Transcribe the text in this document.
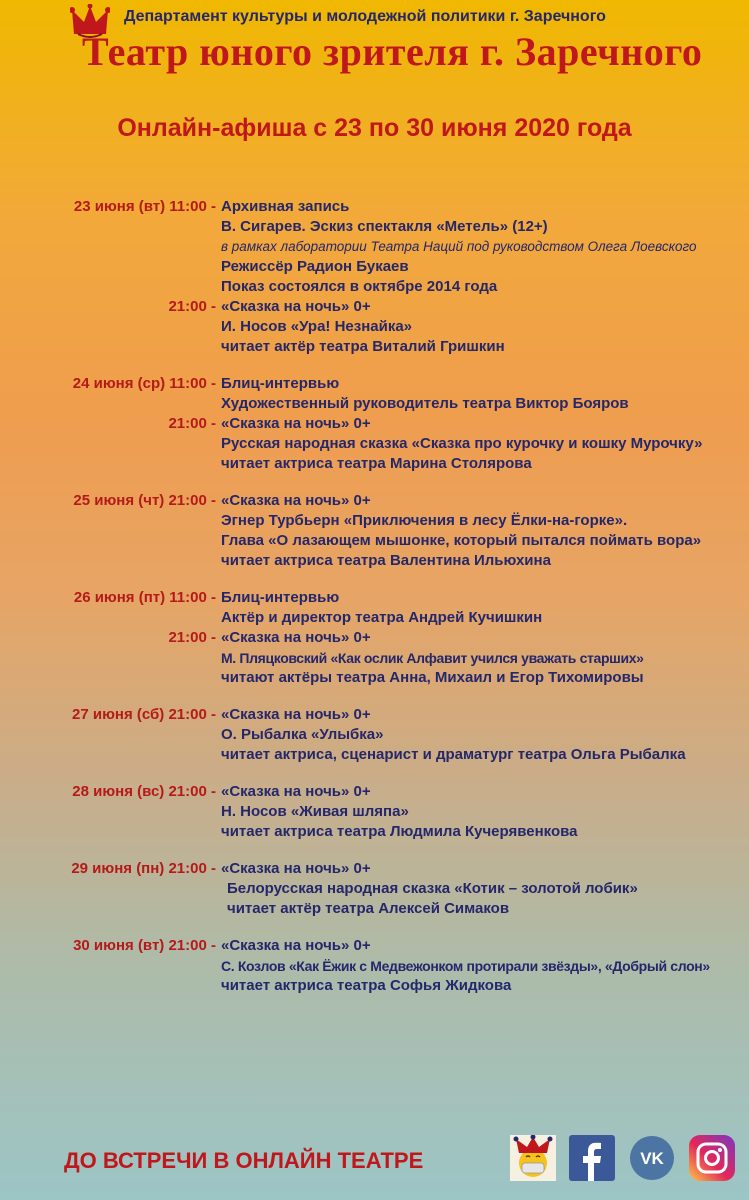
Департамент культуры и молодежной политики г. Заречного
Театр юного зрителя г. Заречного
Онлайн-афиша с 23 по 30 июня 2020 года
23 июня (вт) 11:00 - Архивная запись
В. Сигарев. Эскиз спектакля «Метель» (12+)
в рамках лаборатории Театра Наций под руководством Олега Лоевского
Режиссёр Радион Букаев
Показ состоялся в октябре 2014 года
21:00 - «Сказка на ночь» 0+
И. Носов «Ура! Незнайка»
читает актёр театра Виталий Гришкин
24 июня (ср) 11:00 - Блиц-интервью
Художественный руководитель театра Виктор Бояров
21:00 - «Сказка на ночь» 0+
Русская народная сказка «Сказка про курочку и кошку Мурочку»
читает актриса театра Марина Столярова
25 июня (чт) 21:00 - «Сказка на ночь» 0+
Эгнер Турбьерн «Приключения в лесу Ёлки-на-горке».
Глава «О лазающем мышонке, который пытался поймать вора»
читает актриса театра Валентина Ильюхина
26 июня (пт) 11:00 - Блиц-интервью
Актёр и директор театра Андрей Кучишкин
21:00 - «Сказка на ночь» 0+
М. Пляцковский «Как ослик Алфавит учился уважать старших»
читают актёры театра Анна, Михаил и Егор Тихомировы
27 июня (сб) 21:00 - «Сказка на ночь» 0+
О. Рыбалка «Улыбка»
читает актриса, сценарист и драматург театра Ольга Рыбалка
28 июня (вс) 21:00 - «Сказка на ночь» 0+
Н. Носов «Живая шляпа»
читает актриса театра Людмила Кучерявенкова
29 июня (пн) 21:00 - «Сказка на ночь» 0+
Белорусская народная сказка «Котик – золотой лобик»
читает актёр театра Алексей Симаков
30 июня (вт) 21:00 - «Сказка на ночь» 0+
С. Козлов «Как Ёжик с Медвежонком протирали звёзды», «Добрый слон»
читает актриса театра Софья Жидкова
ДО ВСТРЕЧИ В ОНЛАЙН ТЕАТРЕ	VK
